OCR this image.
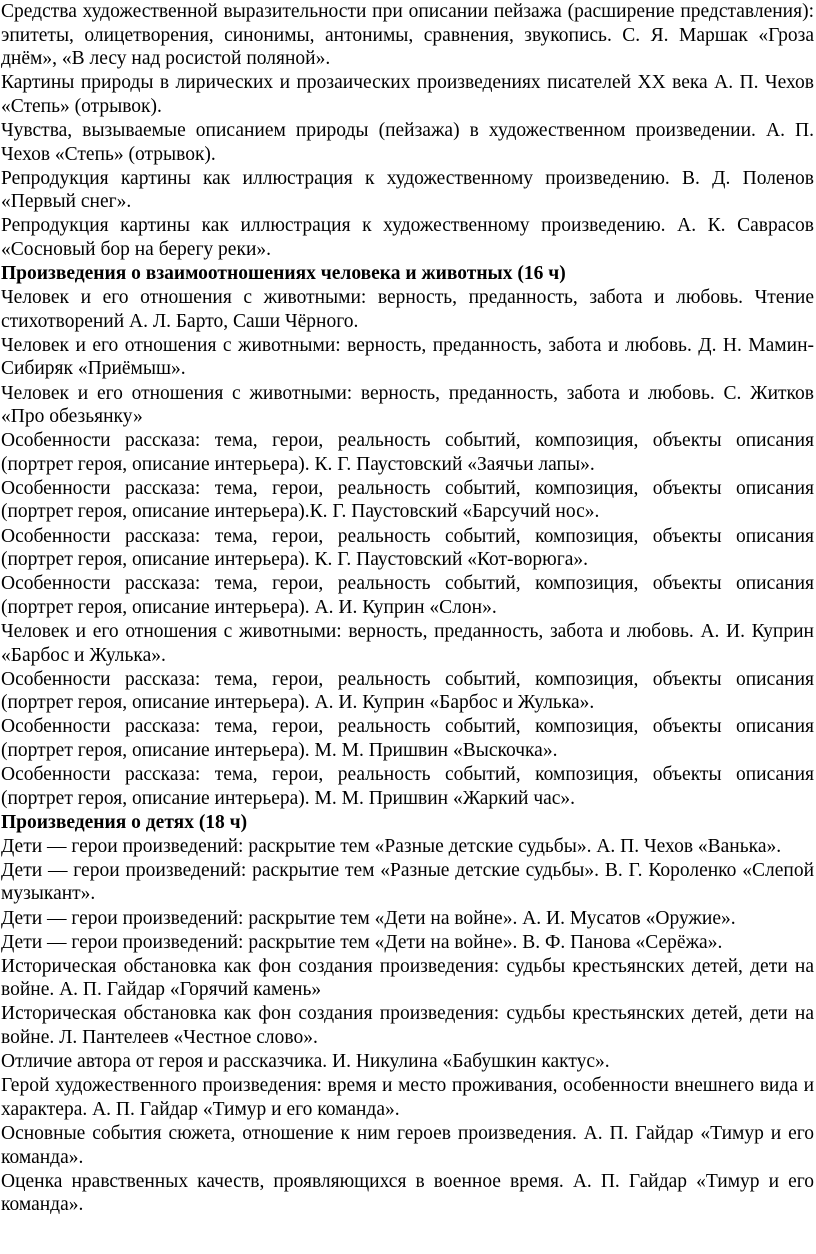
Средства художественной выразительности при описании пейзажа (расширение представления): эпитеты, олицетворения, синонимы, антонимы, сравнения, звукопись. С. Я. Маршак «Гроза днём», «В лесу над росистой поляной».
Картины природы в лирических и прозаических произведениях писателей XX века А. П. Чехов «Степь» (отрывок).
Чувства, вызываемые описанием природы (пейзажа) в художественном произведении. А. П. Чехов «Степь» (отрывок).
Репродукция картины как иллюстрация к художественному произведению. В. Д. Поленов «Первый снег».
Репродукция картины как иллюстрация к художественному произведению. А. К. Саврасов «Сосновый бор на берегу реки».
Произведения о взаимоотношениях человека и животных (16 ч)
Человек и его отношения с животными: верность, преданность, забота и любовь. Чтение стихотворений А. Л. Барто, Саши Чёрного.
Человек и его отношения с животными: верность, преданность, забота и любовь. Д. Н. Мамин-Сибиряк «Приёмыш».
Человек и его отношения с животными: верность, преданность, забота и любовь. С. Житков «Про обезьянку»
Особенности рассказа: тема, герои, реальность событий, композиция, объекты описания (портрет героя, описание интерьера). К. Г. Паустовский «Заячьи лапы».
Особенности рассказа: тема, герои, реальность событий, композиция, объекты описания (портрет героя, описание интерьера).К. Г. Паустовский «Барсучий нос».
Особенности рассказа: тема, герои, реальность событий, композиция, объекты описания (портрет героя, описание интерьера). К. Г. Паустовский «Кот-ворюга».
Особенности рассказа: тема, герои, реальность событий, композиция, объекты описания (портрет героя, описание интерьера). А. И. Куприн «Слон».
Человек и его отношения с животными: верность, преданность, забота и любовь. А. И. Куприн «Барбос и Жулька».
Особенности рассказа: тема, герои, реальность событий, композиция, объекты описания (портрет героя, описание интерьера). А. И. Куприн «Барбос и Жулька».
Особенности рассказа: тема, герои, реальность событий, композиция, объекты описания (портрет героя, описание интерьера). М. М. Пришвин «Выскочка».
Особенности рассказа: тема, герои, реальность событий, композиция, объекты описания (портрет героя, описание интерьера). М. М. Пришвин «Жаркий час».
Произведения о детях (18 ч)
Дети — герои произведений: раскрытие тем «Разные детские судьбы». А. П. Чехов «Ванька».
Дети — герои произведений: раскрытие тем «Разные детские судьбы». В. Г. Короленко «Слепой музыкант».
Дети — герои произведений: раскрытие тем «Дети на войне». А. И. Мусатов «Оружие».
Дети — герои произведений: раскрытие тем «Дети на войне». В. Ф. Панова «Серёжа».
Историческая обстановка как фон создания произведения: судьбы крестьянских детей, дети на войне. А. П. Гайдар «Горячий камень»
Историческая обстановка как фон создания произведения: судьбы крестьянских детей, дети на войне. Л. Пантелеев «Честное слово».
Отличие автора от героя и рассказчика. И. Никулина «Бабушкин кактус».
Герой художественного произведения: время и место проживания, особенности внешнего вида и характера. А. П. Гайдар «Тимур и его команда».
Основные события сюжета, отношение к ним героев произведения. А. П. Гайдар «Тимур и его команда».
Оценка нравственных качеств, проявляющихся в военное время. А. П. Гайдар «Тимур и его команда».
